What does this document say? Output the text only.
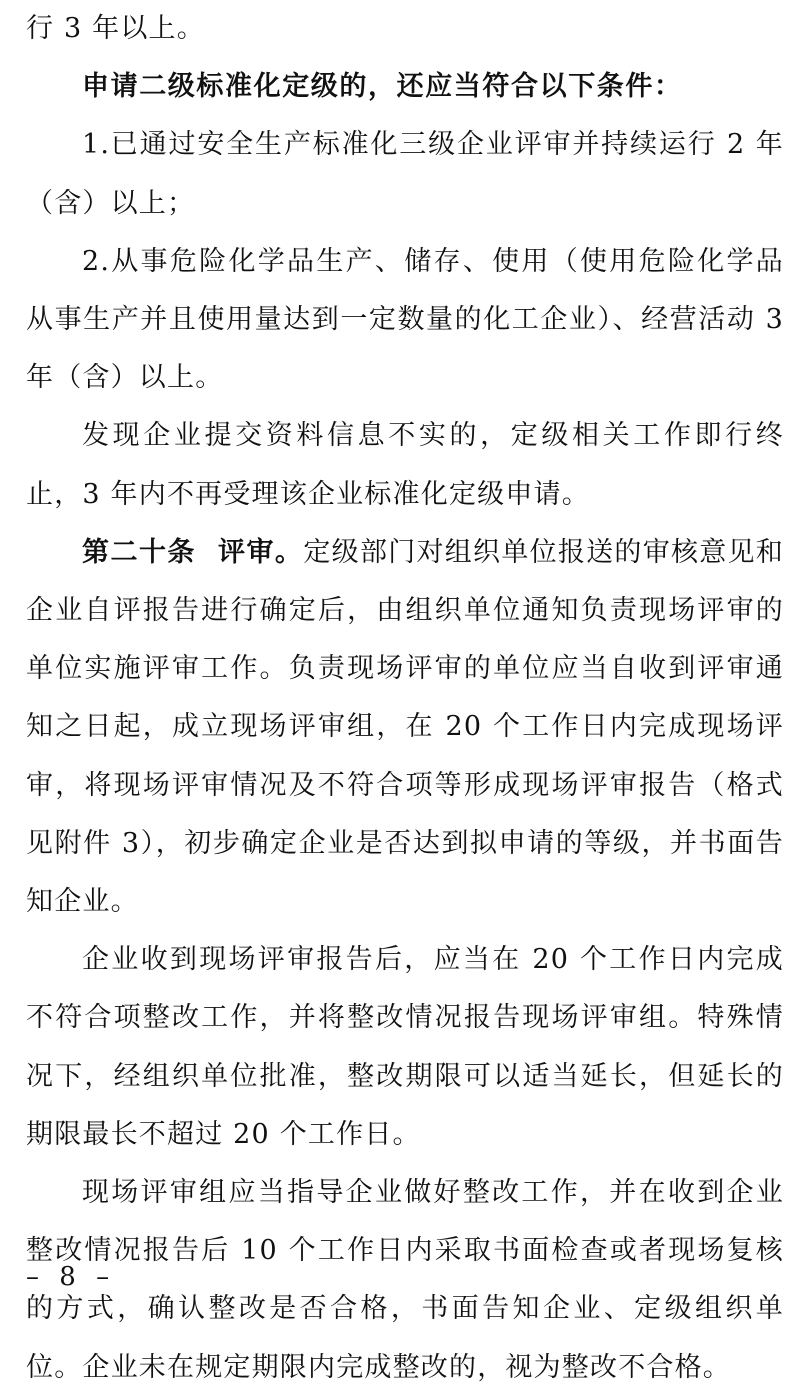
行 3 年以上。

申请二级标准化定级的，还应当符合以下条件：

1.已通过安全生产标准化三级企业评审并持续运行 2 年（含）以上；

2.从事危险化学品生产、储存、使用（使用危险化学品从事生产并且使用量达到一定数量的化工企业）、经营活动 3 年（含）以上。

发现企业提交资料信息不实的，定级相关工作即行终止，3 年内不再受理该企业标准化定级申请。

第二十条 评审。定级部门对组织单位报送的审核意见和企业自评报告进行确定后，由组织单位通知负责现场评审的单位实施评审工作。负责现场评审的单位应当自收到评审通知之日起，成立现场评审组，在 20 个工作日内完成现场评审，将现场评审情况及不符合项等形成现场评审报告（格式见附件 3），初步确定企业是否达到拟申请的等级，并书面告知企业。

企业收到现场评审报告后，应当在 20 个工作日内完成不符合项整改工作，并将整改情况报告现场评审组。特殊情况下，经组织单位批准，整改期限可以适当延长，但延长的期限最长不超过 20 个工作日。

现场评审组应当指导企业做好整改工作，并在收到企业整改情况报告后 10 个工作日内采取书面检查或者现场复核的方式，确认整改是否合格，书面告知企业、定级组织单位。企业未在规定期限内完成整改的，视为整改不合格。

– 8 –
